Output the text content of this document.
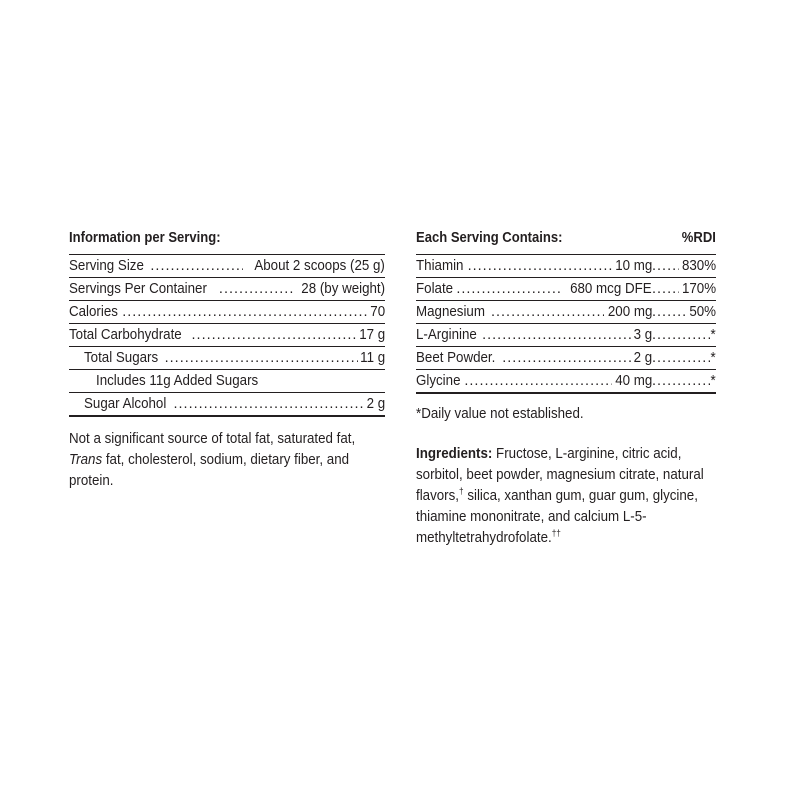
Information per Serving:
Serving Size .....	About 2 scoops (25 g)
Servings Per Container .....	28 (by weight)
Calories .....	70
Total Carbohydrate .....	17 g
Total Sugars .....	11 g
Includes 11g Added Sugars
Sugar Alcohol .....	2 g
Not a significant source of total fat, saturated fat, Trans fat, cholesterol, sodium, dietary fiber, and protein.
Each Serving Contains:	%RDI
Thiamin .....	10 mg ..... 830%
Folate .....	680 mcg DFE ..... 170%
Magnesium .....	200 mg .....	50%
L-Arginine .....	3 g .....	*
Beet Powder. .....	2 g .....	*
Glycine .....	40 mg .....	*
*Daily value not established.
Ingredients: Fructose, L-arginine, citric acid, sorbitol, beet powder, magnesium citrate, natural flavors,† silica, xanthan gum, guar gum, glycine, thiamine mononitrate, and calcium L-5-methyltetrahydrofolate.††
